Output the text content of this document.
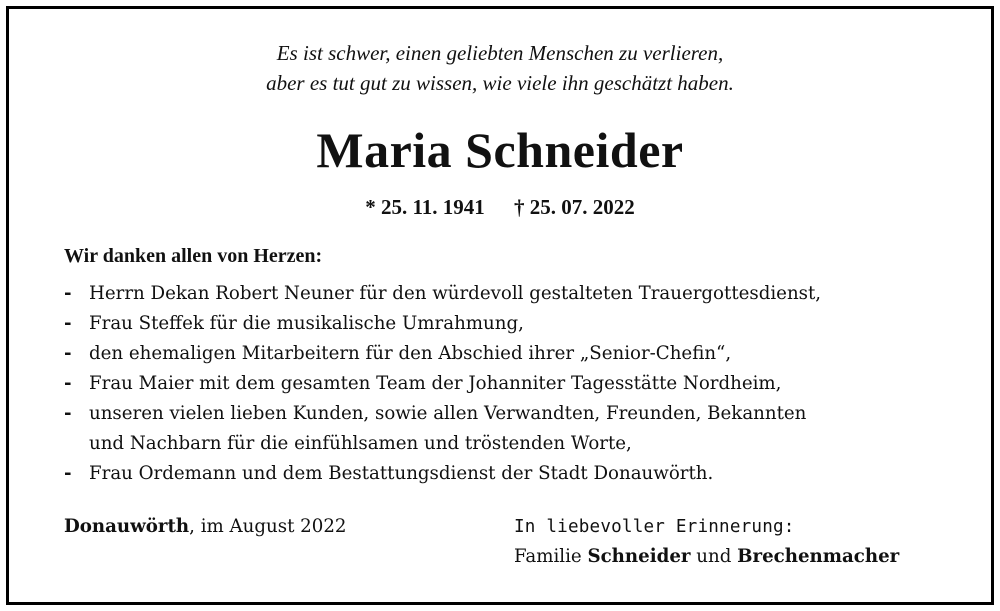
Es ist schwer, einen geliebten Menschen zu verlieren,
aber es tut gut zu wissen, wie viele ihn geschätzt haben.
Maria Schneider
* 25. 11. 1941 † 25. 07. 2022
Wir danken allen von Herzen:
- Herrn Dekan Robert Neuner für den würdevoll gestalteten Trauergottesdienst,
- Frau Steffek für die musikalische Umrahmung,
- den ehemaligen Mitarbeitern für den Abschied ihrer „Senior-Chefin“,
- Frau Maier mit dem gesamten Team der Johanniter Tagesstätte Nordheim,
- unseren vielen lieben Kunden, sowie allen Verwandten, Freunden, Bekannten
und Nachbarn für die einfühlsamen und tröstenden Worte,
- Frau Ordemann und dem Bestattungsdienst der Stadt Donauwörth.
Donauwörth, im August 2022	In liebevoller Erinnerung:
Familie Schneider und Brechenmacher
